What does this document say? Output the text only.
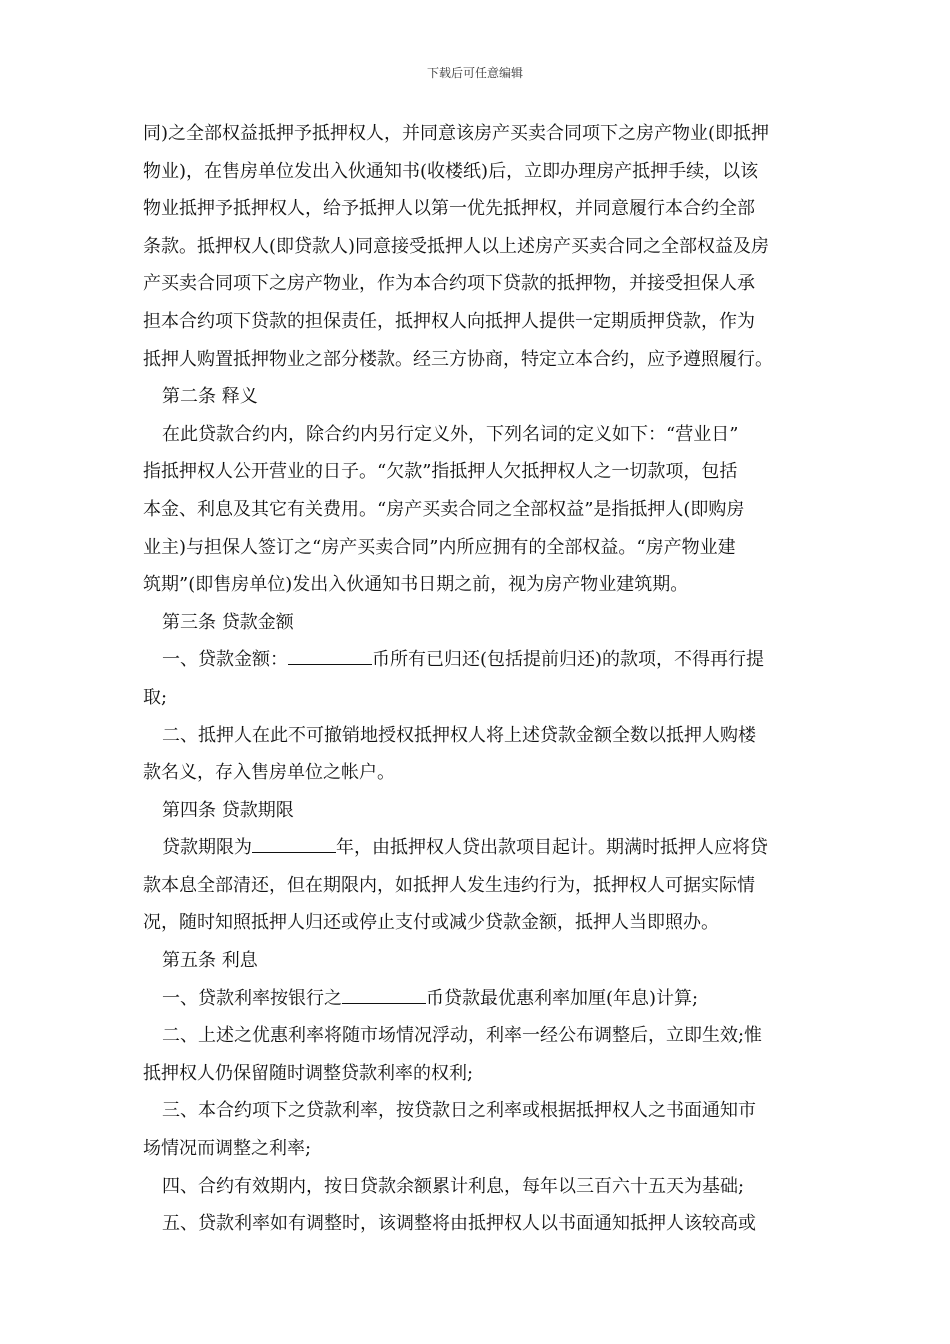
下载后可任意编辑
同)之全部权益抵押予抵押权人，并同意该房产买卖合同项下之房产物业(即抵押
物业)，在售房单位发出入伙通知书(收楼纸)后，立即办理房产抵押手续，以该
物业抵押予抵押权人，给予抵押人以第一优先抵押权，并同意履行本合约全部
条款。抵押权人(即贷款人)同意接受抵押人以上述房产买卖合同之全部权益及房
产买卖合同项下之房产物业，作为本合约项下贷款的抵押物，并接受担保人承
担本合约项下贷款的担保责任，抵押权人向抵押人提供一定期质押贷款，作为
抵押人购置抵押物业之部分楼款。经三方协商，特定立本合约，应予遵照履行。
第二条 释义
在此贷款合约内，除合约内另行定义外，下列名词的定义如下：“营业日”
指抵押权人公开营业的日子。“欠款”指抵押人欠抵押权人之一切款项，包括
本金、利息及其它有关费用。“房产买卖合同之全部权益”是指抵押人(即购房
业主)与担保人签订之“房产买卖合同”内所应拥有的全部权益。“房产物业建
筑期”(即售房单位)发出入伙通知书日期之前，视为房产物业建筑期。
第三条 贷款金额
一、贷款金额：	币所有已归还(包括提前归还)的款项，不得再行提
取;
二、抵押人在此不可撤销地授权抵押权人将上述贷款金额全数以抵押人购楼
款名义，存入售房单位之帐户。
第四条 贷款期限
贷款期限为	年，由抵押权人贷出款项目起计。期满时抵押人应将贷
款本息全部清还，但在期限内，如抵押人发生违约行为，抵押权人可据实际情
况，随时知照抵押人归还或停止支付或减少贷款金额，抵押人当即照办。
第五条 利息
一、贷款利率按银行之	币贷款最优惠利率加厘(年息)计算;
二、上述之优惠利率将随市场情况浮动，利率一经公布调整后，立即生效;惟
抵押权人仍保留随时调整贷款利率的权利;
三、本合约项下之贷款利率，按贷款日之利率或根据抵押权人之书面通知市
场情况而调整之利率;
四、合约有效期内，按日贷款余额累计利息，每年以三百六十五天为基础;
五、贷款利率如有调整时，该调整将由抵押权人以书面通知抵押人该较高或
